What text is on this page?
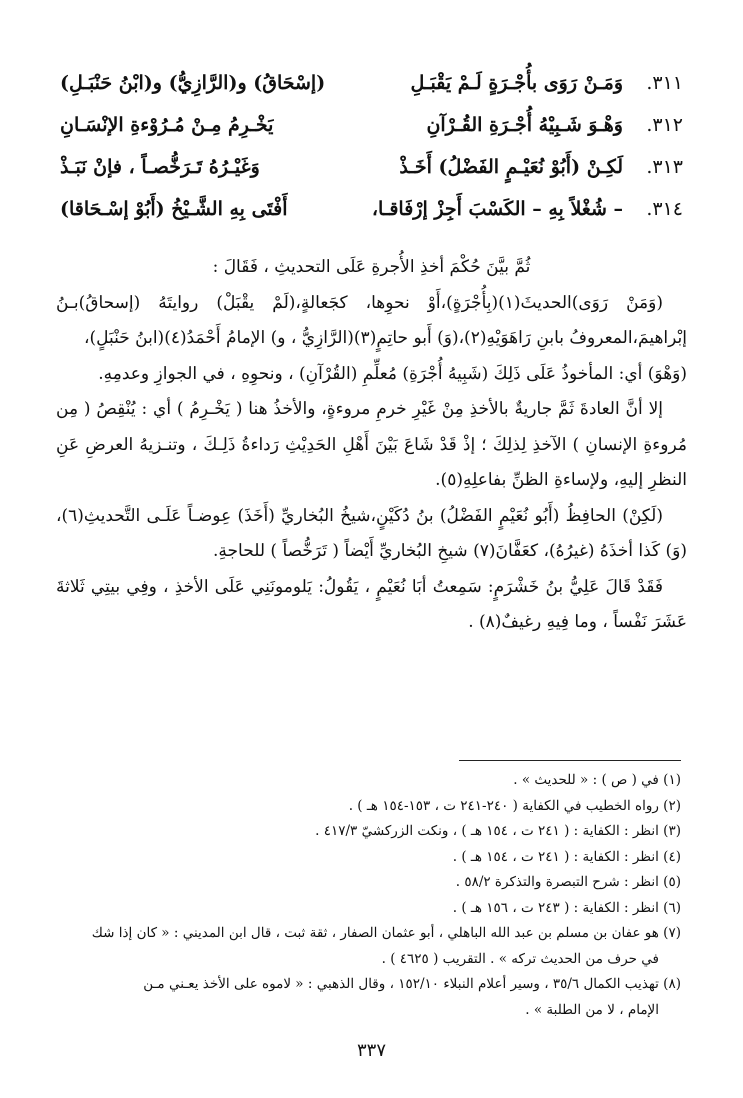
٣١١.
وَمَـنْ رَوَى بأُجْـرَةٍ لَـمْ يَقْبَـلِ
(إسْحَاقُ) و(الرَّازِيُّ) و(ابْنُ حَنْبَـلِ)
٣١٢.
وَهْـوَ شَـبِيْهُ أُجْـرَةِ القُـرْآنِ
يَخْـرِمُ مِـنْ مُـرُوْءةِ الإنْسَـانِ
٣١٣.
لَكِـنْ (أَبُوْ نُعَيْـمٍ الفَضْلُ) أَخَـذْ
وَغَيْـرُهُ تَـرَخُّصـاً ، فإنْ نَبَـذْ
٣١٤.
– شُغْلاً بِهِ – الكَسْبَ أَجِزْ إرْفَاقـا،
أَفْتَى بِهِ الشَّـيْخُ (أَبُوْ إسْـحَاقا)

ثُمَّ بيَّنَ حُكْمَ أخذِ الأُجرةِ عَلَى التحديثِ ، فَقَالَ :

(وَمَنْ رَوَى)الحديثَ(١)(بِأُجْرَةٍ)،أَوْ نحوِها، كجَعالةٍ،(لَمْ يقْبَلْ) روايتَهُ (إسحاقُ)بـنُ إبْراهيمَ،المعروفُ بابنِ رَاهَوَيْهِ(٢)،(وَ) أَبو حاتِمٍ(٣)(الرَّازِيُّ ، و) الإمامُ أَحْمَدُ(٤)(ابنُ حَنْبَلٍ)،

(وَهْوَ) أي: المأخوذُ عَلَى ذَلِكَ (شَبِيهُ أُجْرَةِ) مُعلِّمِ (القُرْآنِ) ، ونحوِهِ ، في الجوازِ وعدمِهِ.

إلا أنَّ العادةَ ثَمَّ جاريةٌ بالأخذِ مِنْ غَيْرِ خرمِ مروءةٍ، والأخذُ هنا ( يَخْـرِمُ ) أي : يُنْقِصُ ( مِن مُروءةِ الإنسانِ ) الآخذِ لِذلِكَ ؛ إذْ قَدْ شَاعَ بَيْنَ أَهْلِ الحَدِيْثِ رَداءةُ ذَلِـكَ ، وتنـزيهُ العرضِ عَنِ النظرِ إليهِ، ولإساءةِ الظنِّ بفاعلِهِ(٥).

(لَكِنْ) الحافِظُ (أَبُو نُعَيْمٍ الفَضْلُ) بنُ دُكَيْنٍ،شيخُ البُخاريِّ (أَخَذَ) عِوضـاً عَلَـى التَّحديثِ(٦)،(وَ) كَذا أخذَهُ (غيرُهُ)، كعَفَّانَ(٧) شيخِ البُخاريِّ أَيْضاً ( تَرَخُّصاً ) للحاجةِ.

فَقَدْ قَالَ عَلِيُّ بنُ خَشْرَمٍ: سَمِعتُ أبَا نُعَيْمٍ ، يَقُولُ: يَلومونَنِي عَلَى الأخذِ ، وفِي بيتِي ثَلاثةَ عَشَرَ نَفْساً ، وما فِيهِ رغيفٌ(٨) .

(١) في ( ص ) : « للحديث » .

(٢) رواه الخطيب في الكفاية ( ٢٤٠-٢٤١ ت ، ١٥٣-١٥٤ هـ ) .

(٣) انظر : الكفاية : ( ٢٤١ ت ، ١٥٤ هـ ) ، ونكت الزركشيّ ٤١٧/٣ .

(٤) انظر : الكفاية : ( ٢٤١ ت ، ١٥٤ هـ ) .

(٥) انظر : شرح التبصرة والتذكرة ٥٨/٢ .

(٦) انظر : الكفاية : ( ٢٤٣ ت ، ١٥٦ هـ ) .

(٧) هو عفان بن مسلم بن عبد الله الباهلي ، أبو عثمان الصفار ، ثقة ثبت ، قال ابن المديني : « كان إذا شك

في حرف من الحديث تركه » . التقريب ( ٤٦٢٥ ) .

(٨) تهذيب الكمال ٣٥/٦ ، وسير أعلام النبلاء ١٥٢/١٠ ، وقال الذهبي : « لاموه على الأخذ يعـني مـن

الإمام ، لا من الطلبة » .

٣٣٧
